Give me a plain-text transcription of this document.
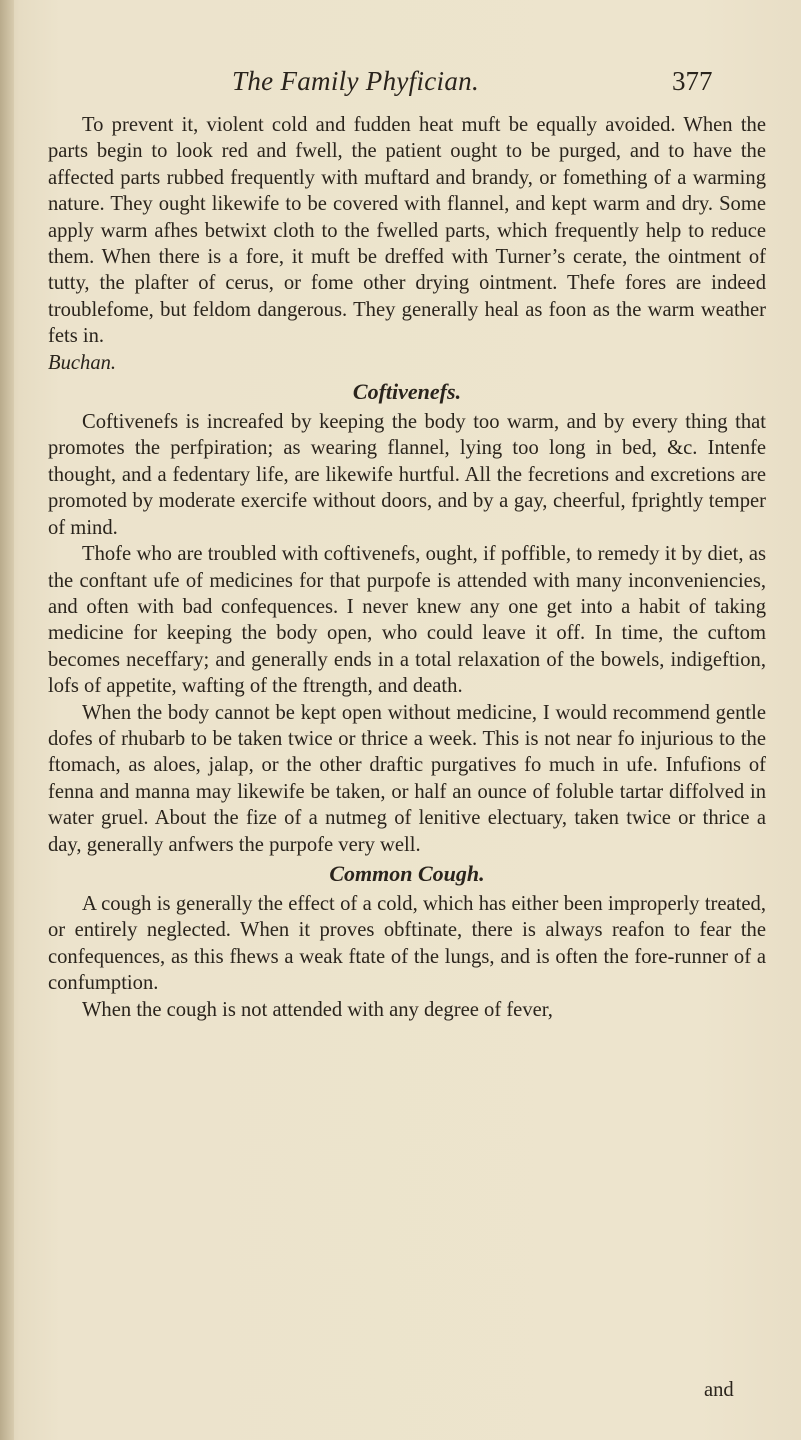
The Family Phyfician.	377

To prevent it, violent cold and fudden heat muft be equally avoided. When the parts begin to look red and fwell, the patient ought to be purged, and to have the affected parts rubbed frequently with muftard and brandy, or fomething of a warming nature. They ought likewife to be covered with flannel, and kept warm and dry. Some apply warm afhes betwixt cloth to the fwelled parts, which frequently help to reduce them. When there is a fore, it muft be dreffed with Turner’s cerate, the ointment of tutty, the plafter of cerus, or fome other drying ointment. Thefe fores are indeed troublefome, but feldom dangerous. They generally heal as foon as the warm weather fets in.
Buchan.

Coftivenefs.

Coftivenefs is increafed by keeping the body too warm, and by every thing that promotes the perfpiration; as wearing flannel, lying too long in bed, &c. Intenfe thought, and a fedentary life, are likewife hurtful. All the fecretions and excretions are promoted by moderate exercife without doors, and by a gay, cheerful, fprightly temper of mind.

Thofe who are troubled with coftivenefs, ought, if poffible, to remedy it by diet, as the conftant ufe of medicines for that purpofe is attended with many inconveniencies, and often with bad confequences. I never knew any one get into a habit of taking medicine for keeping the body open, who could leave it off. In time, the cuftom becomes neceffary; and generally ends in a total relaxation of the bowels, indigeftion, lofs of appetite, wafting of the ftrength, and death.

When the body cannot be kept open without medicine, I would recommend gentle dofes of rhubarb to be taken twice or thrice a week. This is not near fo injurious to the ftomach, as aloes, jalap, or the other draftic purgatives fo much in ufe. Infufions of fenna and manna may likewife be taken, or half an ounce of foluble tartar diffolved in water gruel. About the fize of a nutmeg of lenitive electuary, taken twice or thrice a day, generally anfwers the purpofe very well.

Common Cough.

A cough is generally the effect of a cold, which has either been improperly treated, or entirely neglected. When it proves obftinate, there is always reafon to fear the confequences, as this fhews a weak ftate of the lungs, and is often the fore-runner of a confumption.

When the cough is not attended with any degree of fever,

and
